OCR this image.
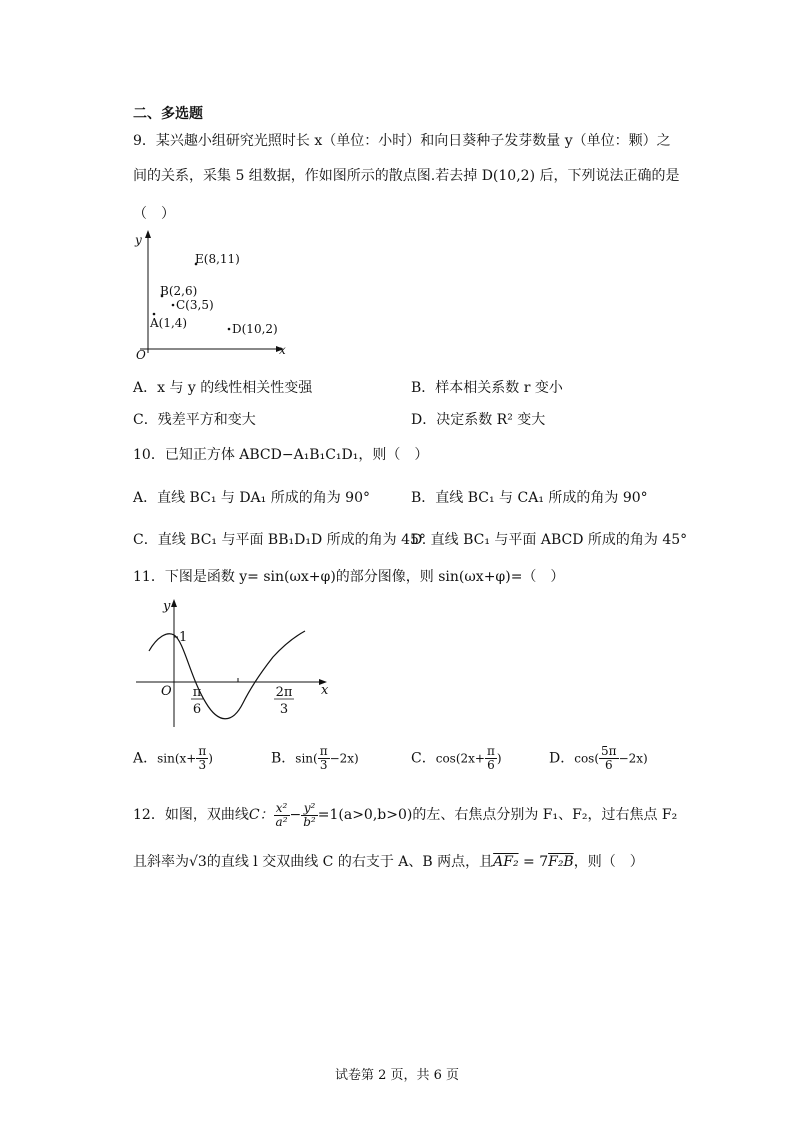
二、多选题
9．某兴趣小组研究光照时长 x（单位：小时）和向日葵种子发芽数量 y（单位：颗）之
间的关系，采集 5 组数据，作如图所示的散点图.若去掉 D(10,2) 后，下列说法正确的是
（　）
y
x
O
E(8,11)
B(2,6)
C(3,5)
A(1,4)	D(10,2)
A．x 与 y 的线性相关性变强	B．样本相关系数 r 变小
C．残差平方和变大	D．决定系数 R² 变大
10．已知正方体 ABCD−A₁B₁C₁D₁，则（　）
A．直线 BC₁ 与 DA₁ 所成的角为 90°	B．直线 BC₁ 与 CA₁ 所成的角为 90°
C．直线 BC₁ 与平面 BB₁D₁D 所成的角为 45°
D. 直线 BC₁ 与平面 ABCD 所成的角为 45°
11．下图是函数 y= sin(ωx+φ)的部分图像，则 sin(ωx+φ)=（　）
y
x
O
1
π
6
2π
3
A．$\sin(x+ \frac{\pi}{3}$ )	B．$\sin( \frac{\pi}{3} -2x)$	C．$\cos(2x+ \frac{\pi}{6}$ )	D．$\cos( \frac{5\pi}{6} -2x)$
12．如图，双曲线C： $\frac{\text{x²}}{\text{a²}} - \frac{\text{y²}}{\text{b²}} =1(a>0,b>0)$的左、右焦点分别为 F₁、F₂，过右焦点 F₂
且斜率为√3的直线 l 交双曲线 C 的右支于 A、B 两点，且AF₂ = 7F₂B，则（　）
试卷第 2 页，共 6 页
